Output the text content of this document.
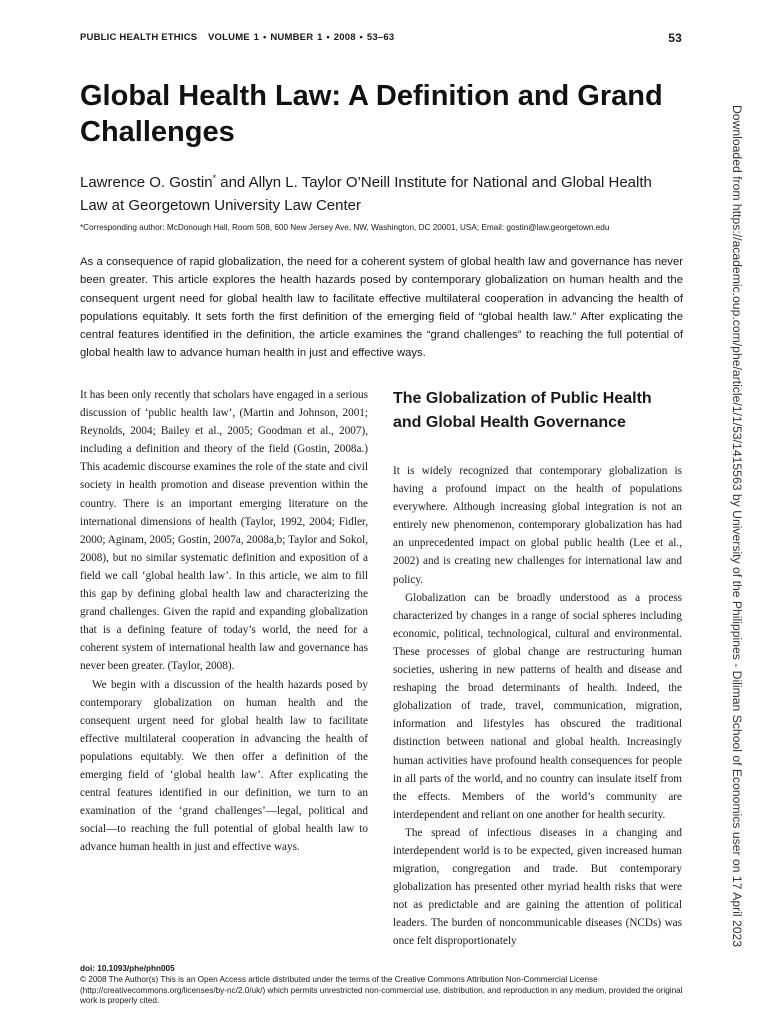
PUBLIC HEALTH ETHICS VOLUME 1 • NUMBER 1 • 2008 • 53–63	53
Global Health Law: A Definition and Grand Challenges

Lawrence O. Gostin* and Allyn L. Taylor O’Neill Institute for National and Global Health Law at Georgetown University Law Center

*Corresponding author: McDonough Hall, Room 508, 600 New Jersey Ave, NW, Washington, DC 20001, USA; Email: gostin@law.georgetown.edu

As a consequence of rapid globalization, the need for a coherent system of global health law and governance has never been greater. This article explores the health hazards posed by contemporary globalization on human health and the consequent urgent need for global health law to facilitate effective multilateral cooperation in advancing the health of populations equitably. It sets forth the first definition of the emerging field of “global health law.” After explicating the central features identified in the definition, the article examines the “grand challenges” to reaching the full potential of global health law to advance human health in just and effective ways.

It has been only recently that scholars have engaged in a serious discussion of ‘public health law’, (Martin and Johnson, 2001; Reynolds, 2004; Bailey et al., 2005; Goodman et al., 2007), including a definition and theory of the field (Gostin, 2008a.) This academic discourse examines the role of the state and civil society in health promotion and disease prevention within the country. There is an important emerging literature on the international dimensions of health (Taylor, 1992, 2004; Fidler, 2000; Aginam, 2005; Gostin, 2007a, 2008a,b; Taylor and Sokol, 2008), but no similar systematic definition and exposition of a field we call ‘global health law’. In this article, we aim to fill this gap by defining global health law and characterizing the grand challenges. Given the rapid and expanding globalization that is a defining feature of today’s world, the need for a coherent system of international health law and governance has never been greater. (Taylor, 2008).

We begin with a discussion of the health hazards posed by contemporary globalization on human health and the consequent urgent need for global health law to facilitate effective multilateral cooperation in advancing the health of populations equitably. We then offer a definition of the emerging field of ‘global health law’. After explicating the central features identified in our definition, we turn to an examination of the ‘grand challenges’—legal, political and social—to reaching the full potential of global health law to advance human health in just and effective ways.

The Globalization of Public Health and Global Health Governance

It is widely recognized that contemporary globalization is having a profound impact on the health of populations everywhere. Although increasing global integration is not an entirely new phenomenon, contemporary globalization has had an unprecedented impact on global public health (Lee et al., 2002) and is creating new challenges for international law and policy.

Globalization can be broadly understood as a process characterized by changes in a range of social spheres including economic, political, technological, cultural and environmental. These processes of global change are restructuring human societies, ushering in new patterns of health and disease and reshaping the broad determinants of health. Indeed, the globalization of trade, travel, communication, migration, information and lifestyles has obscured the traditional distinction between national and global health. Increasingly human activities have profound health consequences for people in all parts of the world, and no country can insulate itself from the effects. Members of the world’s community are interdependent and reliant on one another for health security.

The spread of infectious diseases in a changing and interdependent world is to be expected, given increased human migration, congregation and trade. But contemporary globalization has presented other myriad health risks that were not as predictable and are gaining the attention of political leaders. The burden of noncommunicable diseases (NCDs) was once felt disproportionately

doi: 10.1093/phe/phn005
© 2008 The Author(s) This is an Open Access article distributed under the terms of the Creative Commons Attribution Non-Commercial License (http://creativecommons.org/licenses/by-nc/2.0/uk/) which permits unrestricted non-commercial use, distribution, and reproduction in any medium, provided the original work is properly cited.
Downloaded from https://academic.oup.com/phe/article/1/1/53/1415563 by University of the Philippines - Diliman School of Economics user on 17 April 2023
